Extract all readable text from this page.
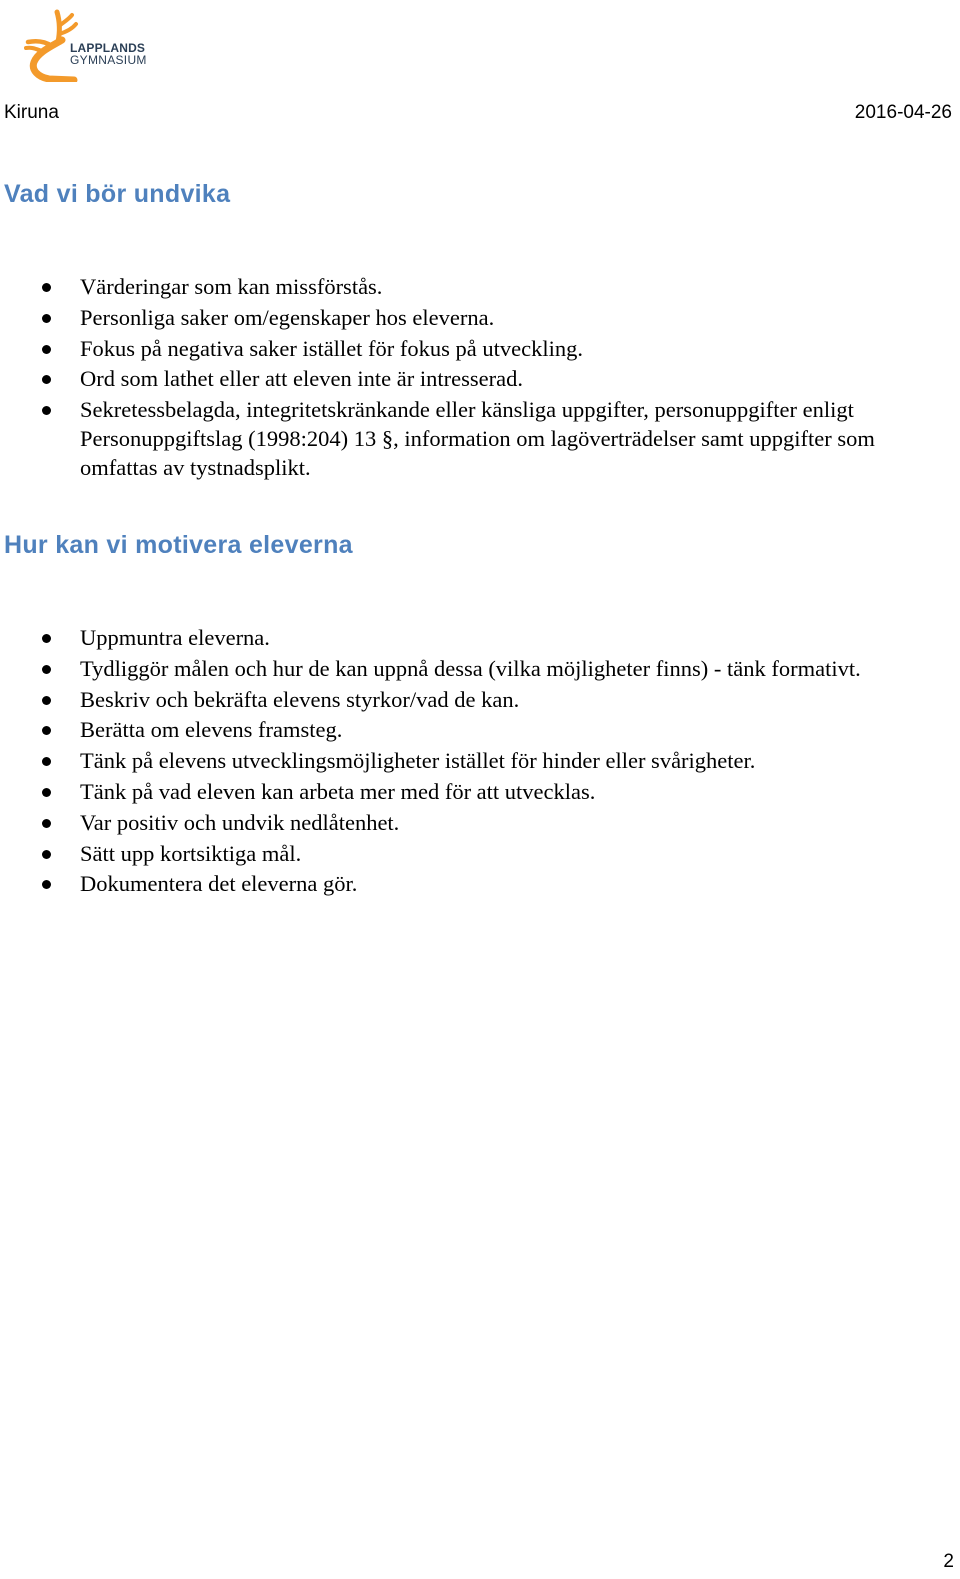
LAPPLANDS
GYMNASIUM
Kiruna	2016-04-26
Vad vi bör undvika
Värderingar som kan missförstås.
Personliga saker om/egenskaper hos eleverna.
Fokus på negativa saker istället för fokus på utveckling.
Ord som lathet eller att eleven inte är intresserad.
Sekretessbelagda, integritetskränkande eller känsliga uppgifter, personuppgifter enligt Personuppgiftslag (1998:204) 13 §, information om lagöverträdelser samt uppgifter som omfattas av tystnadsplikt.
Hur kan vi motivera eleverna
Uppmuntra eleverna.
Tydliggör målen och hur de kan uppnå dessa (vilka möjligheter finns) - tänk formativt.
Beskriv och bekräfta elevens styrkor/vad de kan.
Berätta om elevens framsteg.
Tänk på elevens utvecklingsmöjligheter istället för hinder eller svårigheter.
Tänk på vad eleven kan arbeta mer med för att utvecklas.
Var positiv och undvik nedlåtenhet.
Sätt upp kortsiktiga mål.
Dokumentera det eleverna gör.
2
